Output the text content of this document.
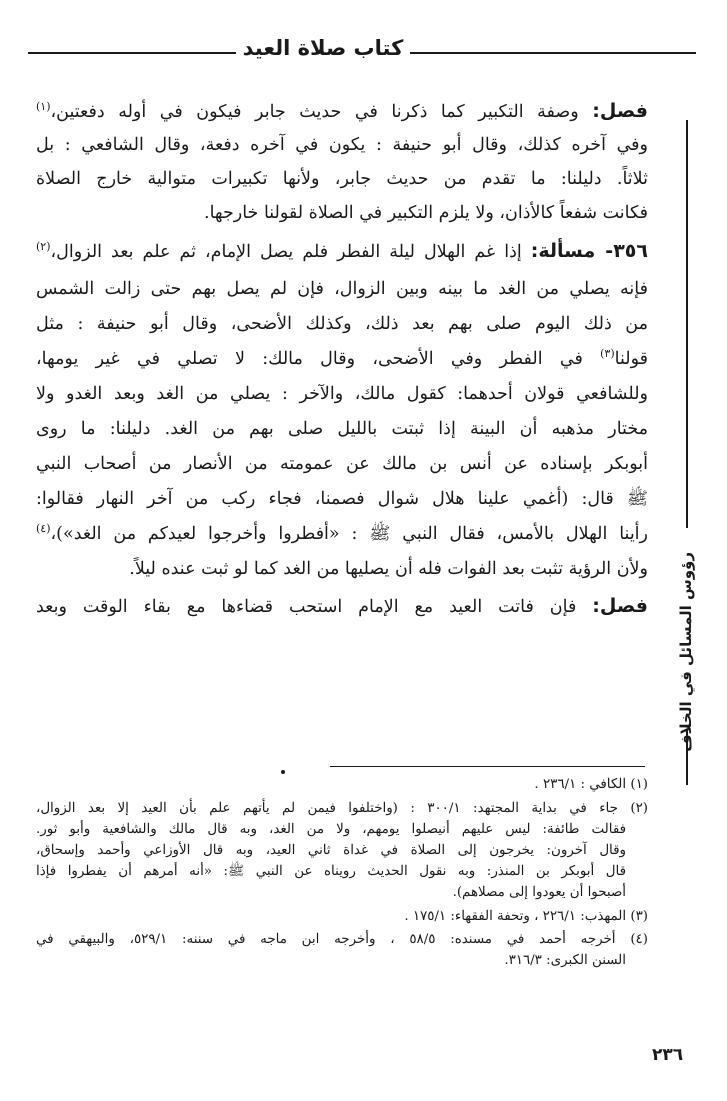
كتاب صلاة العيد
رؤوس المسائل في الخلاف
فصل: وصفة التكبير كما ذكرنا في حديث جابر فيكون في أوله دفعتين،$^{(١)}$
وفي آخره كذلك، وقال أبو حنيفة : يكون في آخره دفعة، وقال الشافعي : بل
ثلاثاً. دليلنا: ما تقدم من حديث جابر، ولأنها تكبيرات متوالية خارج الصلاة
فكانت شفعاً كالأذان، ولا يلزم التكبير في الصلاة لقولنا خارجها.
٣٥٦- مسألة: إذا غم الهلال ليلة الفطر فلم يصل الإمام، ثم علم بعد الزوال،$^{(٢)}$
فإنه يصلي من الغد ما بينه وبين الزوال، فإن لم يصل بهم حتى زالت الشمس
من ذلك اليوم صلى بهم بعد ذلك، وكذلك الأضحى، وقال أبو حنيفة : مثل
قولنا$^{(٣)}$ في الفطر وفي الأضحى، وقال مالك: لا تصلي في غير يومها،
وللشافعي قولان أحدهما: كقول مالك، والآخر : يصلي من الغد وبعد الغدو ولا
مختار مذهبه أن البينة إذا ثبتت بالليل صلى بهم من الغد. دليلنا: ما روى
أبوبكر بإسناده عن أنس بن مالك عن عمومته من الأنصار من أصحاب النبي
ﷺ قال: (أغمي علينا هلال شوال فصمنا، فجاء ركب من آخر النهار فقالوا:
رأينا الهلال بالأمس، فقال النبي ﷺ : «أفطروا وأخرجوا لعيدكم من الغد»)،$^{(٤)}$
ولأن الرؤية تثبت بعد الفوات فله أن يصليها من الغد كما لو ثبت عنده ليلاً.
فصل: فإن فاتت العيد مع الإمام استحب قضاءها مع بقاء الوقت وبعد
(١) الكافي : ٢٣٦/١ .
(٢) جاء في بداية المجتهد: ٣٠٠/١ : (واختلفوا فيمن لم يأتهم علم بأن العيد إلا بعد الزوال،
فقالت طائفة: ليس عليهم أنيصلوا يومهم، ولا من الغد، وبه قال مالك والشافعية وأبو ثور.
وقال آخرون: يخرجون إلى الصلاة في غداة ثاني العيد، وبه قال الأوزاعي وأحمد وإسحاق،
قال أبوبكر بن المنذر: وبه نقول الحديث رويناه عن النبي ﷺ: «أنه أمرهم أن يفطروا فإذا
أصبحوا أن يعودوا إلى مصلاهم).
(٣) المهذب: ٢٢٦/١ ، وتحفة الفقهاء: ١٧٥/١ .
(٤) أخرجه أحمد في مسنده: ٥٨/٥ ، وأخرجه ابن ماجه في سننه: ٥٢٩/١، والبيهقي في
السنن الكبرى: ٣١٦/٣.
٢٣٦
